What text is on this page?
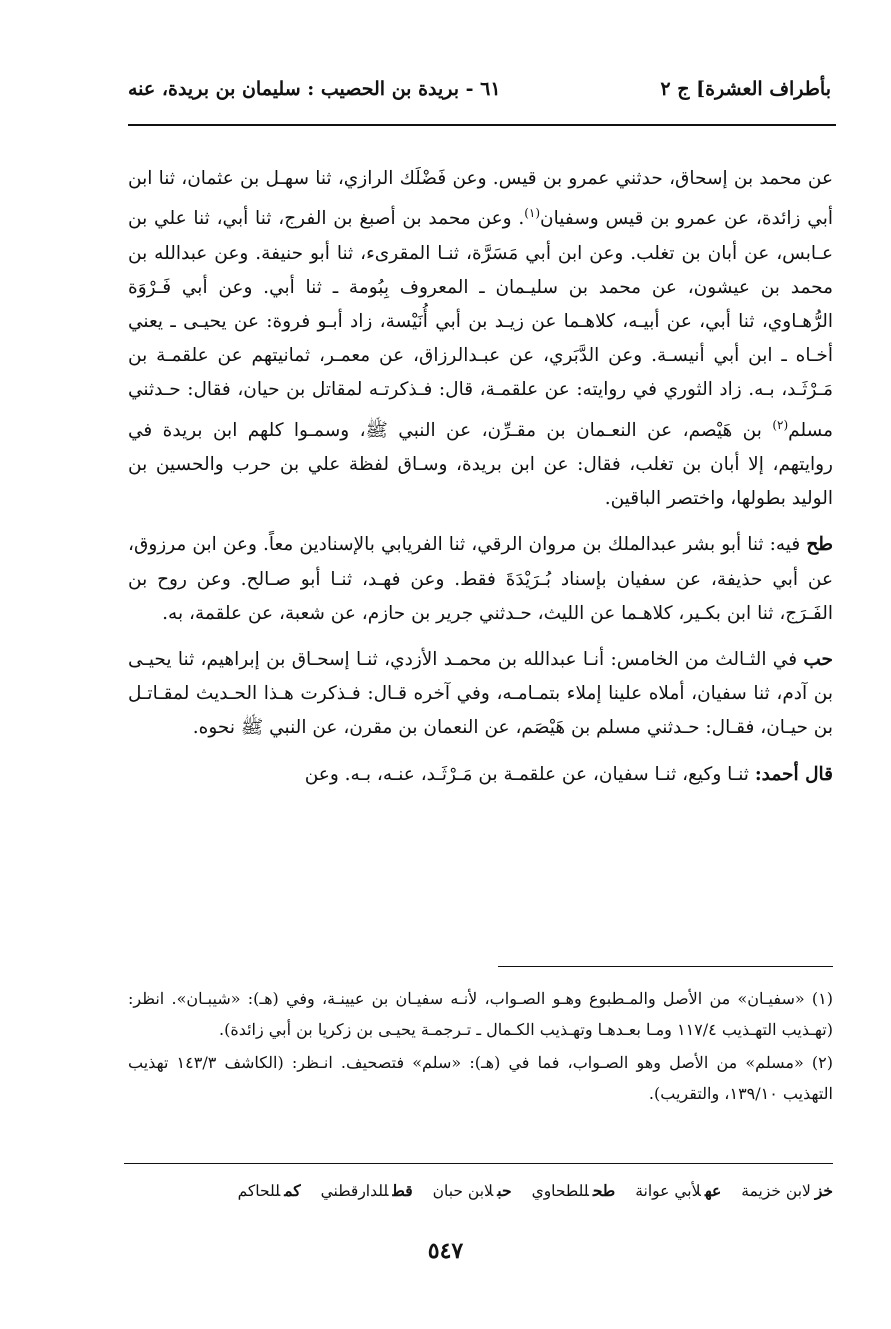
بأطراف العشرة] ج ٢
٦١ - بريدة بن الحصيب : سليمان بن بريدة، عنه

عن محمد بن إسحاق، حدثني عمرو بن قيس. وعن فَضْلَك الرازي، ثنا سهـل بن عثمان، ثنا ابن أبي زائدة، عن عمرو بن قيس وسفيان$^{(١)}$. وعن محمد بن أصبغ بن الفرج، ثنا أبي، ثنا علي بن عـابس، عن أبان بن تغلب. وعن ابن أبي مَسَرَّة، ثنـا المقرىء، ثنا أبو حنيفة. وعن عبدالله بن محمد بن عيشون، عن محمد بن سليـمان ـ المعروف بِبُومة ـ ثنا أبي. وعن أبي فَـرْوَة الرُّهـاوي، ثنا أبي، عن أبيـه، كلاهـما عن زيـد بن أبي أُنَيْسة، زاد أبـو فروة: عن يحيـى ـ يعني أخـاه ـ ابن أبي أنيسـة. وعن الدَّبَري، عن عبـدالرزاق، عن معمـر، ثمانيتهم عن علقمـة بن مَـرْثَـد، بـه. زاد الثوري في روايته: عن علقمـة، قال: فـذكرتـه لمقاتل بن حيان، فقال: حـدثني مسلم$^{(٢)}$ بن هَيْصم، عن النعـمان بن مقـرِّن، عن النبي ﷺ، وسمـوا كلهم ابن بريدة في روايتهم، إلا أبان بن تغلب، فقال: عن ابن بريدة، وسـاق لفظة علي بن حرب والحسين بن الوليد بطولها، واختصر الباقين.

طح فيه: ثنا أبو بشر عبدالملك بن مروان الرقي، ثنا الفريابي بالإسنادين معاً. وعن ابن مرزوق، عن أبي حذيفة، عن سفيان بإسناد بُـرَيْدَةَ فقط. وعن فهـد، ثنـا أبو صـالح. وعن روح بن الفَـرَج، ثنا ابن بكـير، كلاهـما عن الليث، حـدثني جرير بن حازم، عن شعبة، عن علقمة، به.

حب في الثـالث من الخامس: أنـا عبدالله بن محمـد الأزدي، ثنـا إسحـاق بن إبراهيم، ثنا يحيـى بن آدم، ثنا سفيان، أملاه علينا إملاء بتمـامـه، وفي آخره قـال: فـذكرت هـذا الحـديث لمقـاتـل بن حيـان، فقـال: حـدثني مسلم بن هَيْصَم، عن النعمان بن مقرن، عن النبي ﷺ نحوه.

قال أحمد: ثنـا وكيع، ثنـا سفيان، عن علقمـة بن مَـرْثَـد، عنـه، بـه. وعن

(١) «سفيـان» من الأصل والمـطبوع وهـو الصـواب، لأنـه سفيـان بن عيينـة، وفي (هـ): «شيبـان». انظر: (تهـذيب التهـذيب ١١٧/٤ ومـا بعـدهـا وتهـذيب الكـمال ـ تـرجمـة يحيـى بن زكريا بن أبي زائدة).

(٢) «مسلم» من الأصل وهو الصـواب، فما في (هـ): «سلم» فتصحيف. انـظر: (الكاشف ١٤٣/٣ تهذيب التهذيب ١٣٩/١٠، والتقريب).

خزلابن خزيمة
عهلأبي عوانة
طحللطحاوي
حبلابن حبان
قطللدارقطني
كمللحاكم
٥٤٧
